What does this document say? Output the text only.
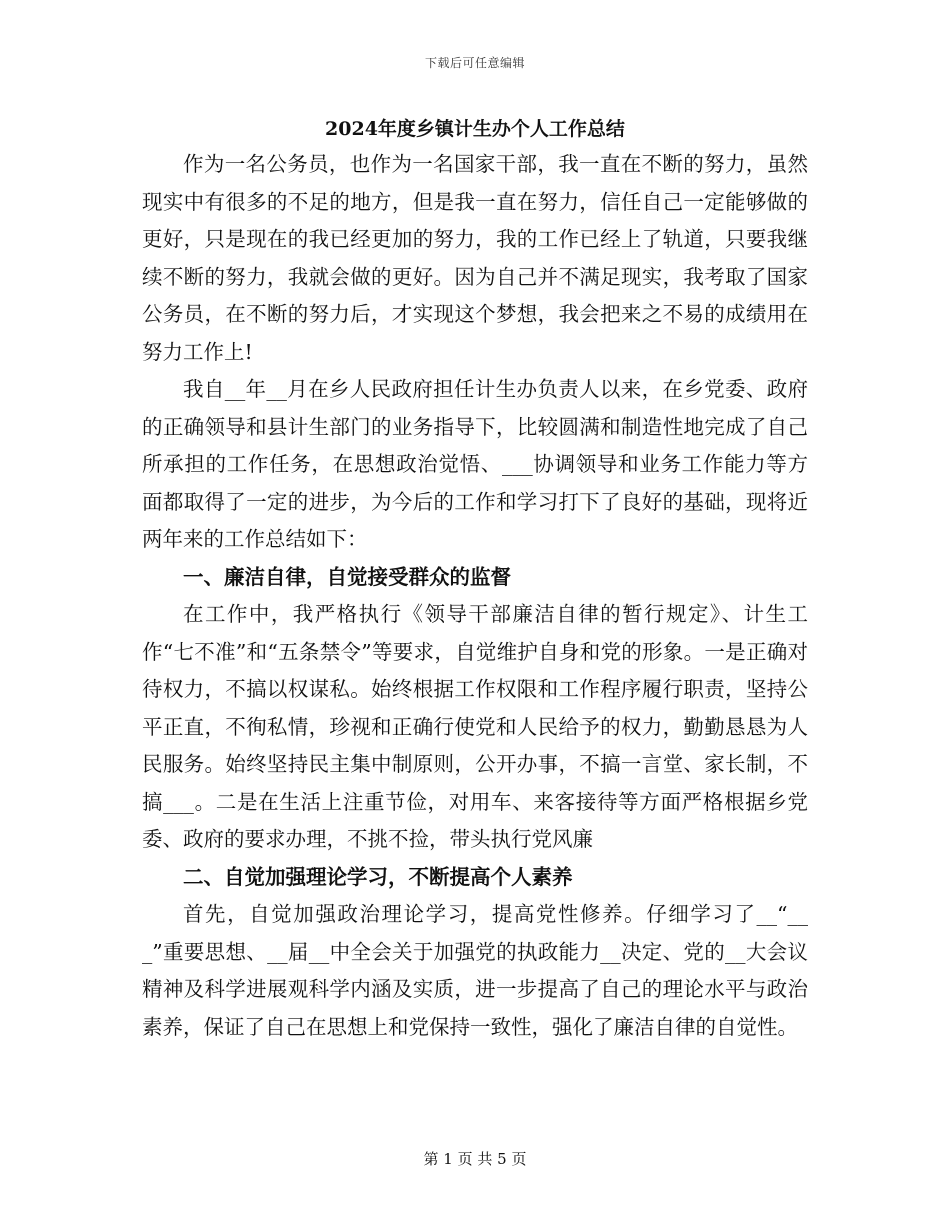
下载后可任意编辑
2024年度乡镇计生办个人工作总结

作为一名公务员，也作为一名国家干部，我一直在不断的努力，虽然现实中有很多的不足的地方，但是我一直在努力，信任自己一定能够做的更好，只是现在的我已经更加的努力，我的工作已经上了轨道，只要我继续不断的努力，我就会做的更好。因为自己并不满足现实，我考取了国家公务员，在不断的努力后，才实现这个梦想，我会把来之不易的成绩用在努力工作上!

我自__年__月在乡人民政府担任计生办负责人以来，在乡党委、政府的正确领导和县计生部门的业务指导下，比较圆满和制造性地完成了自己所承担的工作任务，在思想政治觉悟、___协调领导和业务工作能力等方面都取得了一定的进步，为今后的工作和学习打下了良好的基础，现将近两年来的工作总结如下：

一、廉洁自律，自觉接受群众的监督

在工作中，我严格执行《领导干部廉洁自律的暂行规定》、计生工作“七不准”和“五条禁令”等要求，自觉维护自身和党的形象。一是正确对待权力，不搞以权谋私。始终根据工作权限和工作程序履行职责，坚持公平正直，不徇私情，珍视和正确行使党和人民给予的权力，勤勤恳恳为人民服务。始终坚持民主集中制原则，公开办事，不搞一言堂、家长制，不搞___。二是在生活上注重节俭，对用车、来客接待等方面严格根据乡党委、政府的要求办理，不挑不捡，带头执行党风廉

二、自觉加强理论学习，不断提高个人素养

首先，自觉加强政治理论学习，提高党性修养。仔细学习了__“___”重要思想、__届__中全会关于加强党的执政能力__决定、党的__大会议精神及科学进展观科学内涵及实质，进一步提高了自己的理论水平与政治素养，保证了自己在思想上和党保持一致性，强化了廉洁自律的自觉性。

第 1 页 共 5 页
